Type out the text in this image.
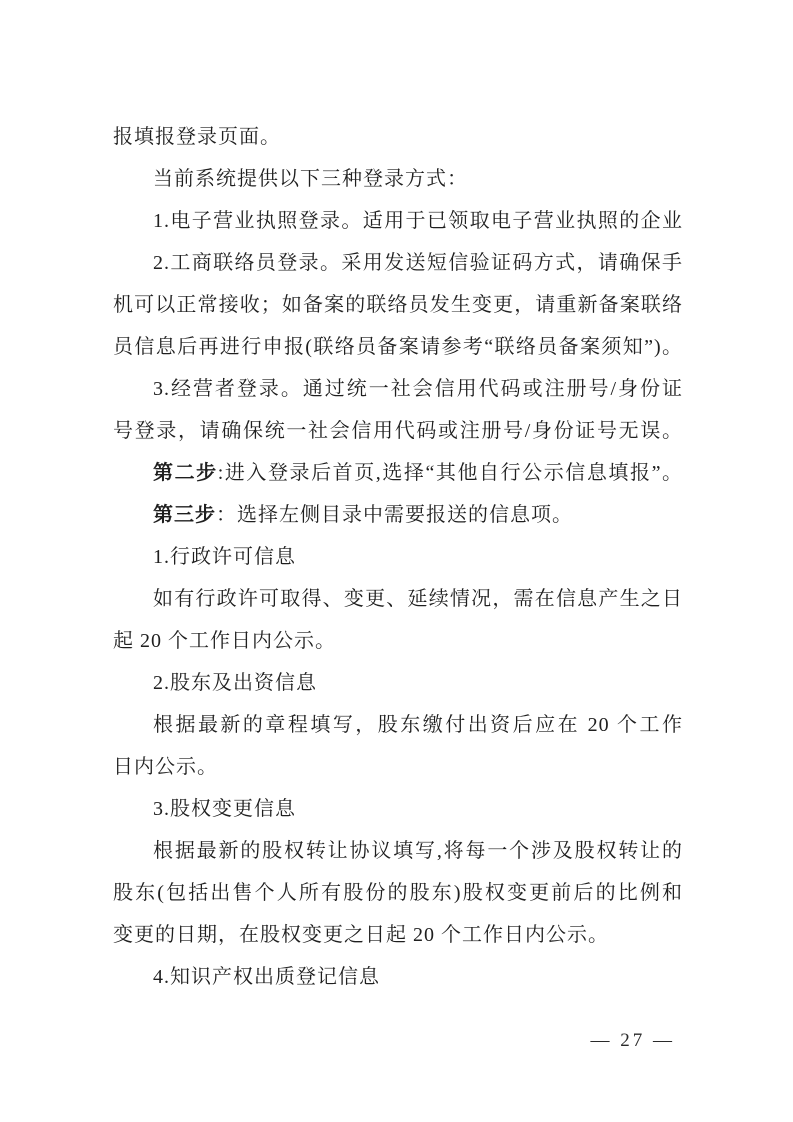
报填报登录页面。
当前系统提供以下三种登录方式：
1.电子营业执照登录。适用于已领取电子营业执照的企业
2.工商联络员登录。采用发送短信验证码方式，请确保手
机可以正常接收；如备案的联络员发生变更，请重新备案联络
员信息后再进行申报(联络员备案请参考“联络员备案须知”)。
3.经营者登录。通过统一社会信用代码或注册号/身份证
号登录，请确保统一社会信用代码或注册号/身份证号无误。
第二步:进入登录后首页,选择“其他自行公示信息填报”。
第三步：选择左侧目录中需要报送的信息项。
1.行政许可信息
如有行政许可取得、变更、延续情况，需在信息产生之日
起 20 个工作日内公示。
2.股东及出资信息
根据最新的章程填写，股东缴付出资后应在 20 个工作
日内公示。
3.股权变更信息
根据最新的股权转让协议填写,将每一个涉及股权转让的
股东(包括出售个人所有股份的股东)股权变更前后的比例和
变更的日期，在股权变更之日起 20 个工作日内公示。
4.知识产权出质登记信息
— 27 —
